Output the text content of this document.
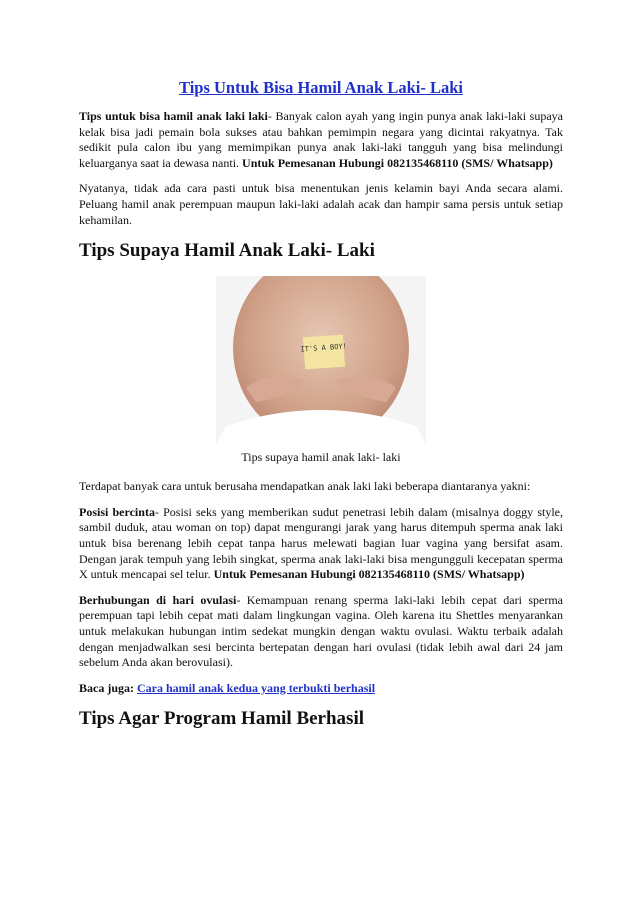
Tips Untuk Bisa Hamil Anak Laki- Laki

Tips untuk bisa hamil anak laki laki- Banyak calon ayah yang ingin punya anak laki-laki supaya kelak bisa jadi pemain bola sukses atau bahkan pemimpin negara yang dicintai rakyatnya. Tak sedikit pula calon ibu yang memimpikan punya anak laki-laki tangguh yang bisa melindungi keluarganya saat ia dewasa nanti. Untuk Pemesanan Hubungi 082135468110 (SMS/ Whatsapp)

Nyatanya, tidak ada cara pasti untuk bisa menentukan jenis kelamin bayi Anda secara alami. Peluang hamil anak perempuan maupun laki-laki adalah acak dan hampir sama persis untuk setiap kehamilan.

Tips Supaya Hamil Anak Laki- Laki
IT'S A BOY!
Tips supaya hamil anak laki- laki

Terdapat banyak cara untuk berusaha mendapatkan anak laki laki beberapa diantaranya yakni:

Posisi bercinta- Posisi seks yang memberikan sudut penetrasi lebih dalam (misalnya doggy style, sambil duduk, atau woman on top) dapat mengurangi jarak yang harus ditempuh sperma anak laki untuk bisa berenang lebih cepat tanpa harus melewati bagian luar vagina yang bersifat asam. Dengan jarak tempuh yang lebih singkat, sperma anak laki-laki bisa mengungguli kecepatan sperma X untuk mencapai sel telur. Untuk Pemesanan Hubungi 082135468110 (SMS/ Whatsapp)

Berhubungan di hari ovulasi- Kemampuan renang sperma laki-laki lebih cepat dari sperma perempuan tapi lebih cepat mati dalam lingkungan vagina. Oleh karena itu Shettles menyarankan untuk melakukan hubungan intim sedekat mungkin dengan waktu ovulasi. Waktu terbaik adalah dengan menjadwalkan sesi bercinta bertepatan dengan hari ovulasi (tidak lebih awal dari 24 jam sebelum Anda akan berovulasi).

Baca juga: Cara hamil anak kedua yang terbukti berhasil

Tips Agar Program Hamil Berhasil
